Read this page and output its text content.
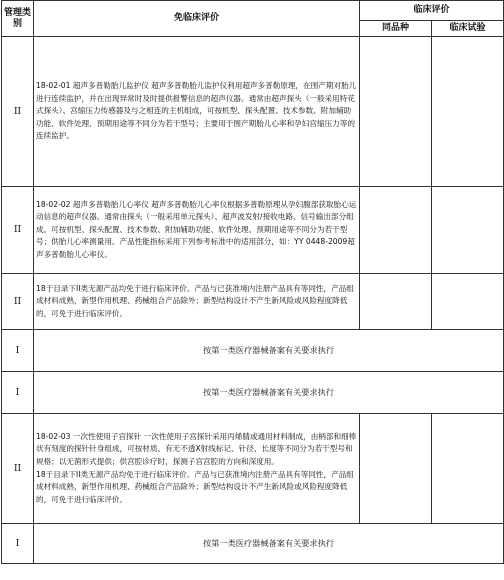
管理类别	免临床评价	临床评价	
		同品种	临床试验
II	18-02-01 超声多普勒胎儿监护仪 超声多普勒胎儿监护仪利用超声多普勒原理，在围产期对胎儿进行连续监护，并在出现异常时及时提供报警信息的超声仪器。通常由超声探头（一般采用特花式探头）、宫缩压力传感器及与之相连的主机组成，可按机型、探头配置、技术参数、附加辅助功能、软件处理、预期用途等不同分为若干型号；主要用于围产期胎儿心率和孕妇宫缩压力等的连续监护。		
II	18-02-02 超声多普勒胎儿心率仪 超声多普勒胎儿心率仪根据多普勒原理从孕妇腹部获取胎心运动信息的超声仪器。通常由探头（一般采用单元探头）、超声波发射/接收电路、信号输出部分组成。可按机型、探头配置、技术参数、附加辅助功能、软件处理、预期用途等不同分为若干型号；供胎儿心率测量用。产品性能指标采用下列参考标准中的适用部分，如：YY 0448-2009超声多普勒胎儿心率仪。		
II	18于目录下II类无源产品均免于进行临床评价。产品与已获准境内注册产品具有等同性，产品组成材料成熟，新型作用机理、药械组合产品除外；新型结构设计不产生新风险或风险程度降低的，可免于进行临床评价。		
I	按第一类医疗器械备案有关要求执行		
I	按第一类医疗器械备案有关要求执行		
II	18-02-03 一次性使用子宫探针 一次性使用子宫探针采用丙烯腈或通用材料制成，由柄部和细棒状有刻度的探针针身组成，可按材质、有无不透X射线标记、针径、长度等不同分为若干型号和规格；以无菌形式提供；供宫腔诊疗时，探测子宫宫腔的方向和深度用。
18于目录下II类无源产品均免于进行临床评价。产品与已获准境内注册产品具有等同性，产品组成材料成熟，新型作用机理、药械组合产品除外；新型结构设计不产生新风险或风险程度降低的，可免于进行临床评价。		
I	按第一类医疗器械备案有关要求执行		
